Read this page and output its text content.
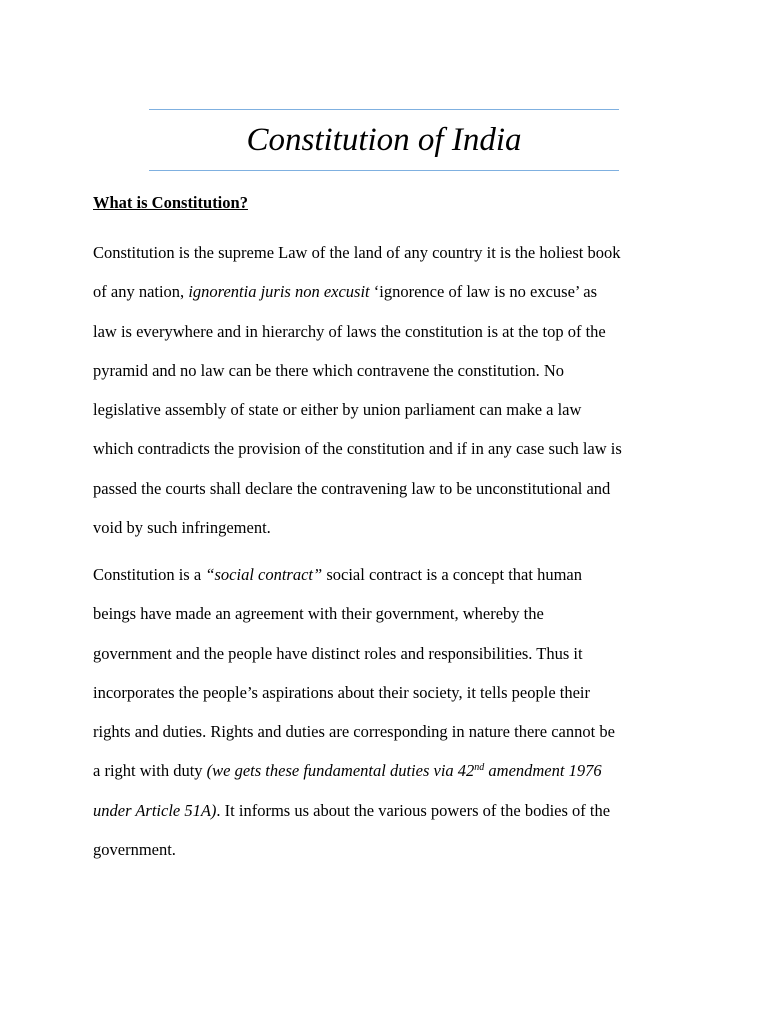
Constitution of India
What is Constitution?
Constitution is the supreme Law of the land of any country it is the holiest book
of any nation, ignorentia juris non excusit ‘ignorence of law is no excuse’ as
law is everywhere and in hierarchy of laws the constitution is at the top of the
pyramid and no law can be there which contravene the constitution. No
legislative assembly of state or either by union parliament can make a law
which contradicts the provision of the constitution and if in any case such law is
passed the courts shall declare the contravening law to be unconstitutional and
void by such infringement.
Constitution is a “social contract” social contract is a concept that human
beings have made an agreement with their government, whereby the
government and the people have distinct roles and responsibilities. Thus it
incorporates the people’s aspirations about their society, it tells people their
rights and duties. Rights and duties are corresponding in nature there cannot be
a right with duty (we gets these fundamental duties via 42nd amendment 1976
under Article 51A). It informs us about the various powers of the bodies of the
government.
